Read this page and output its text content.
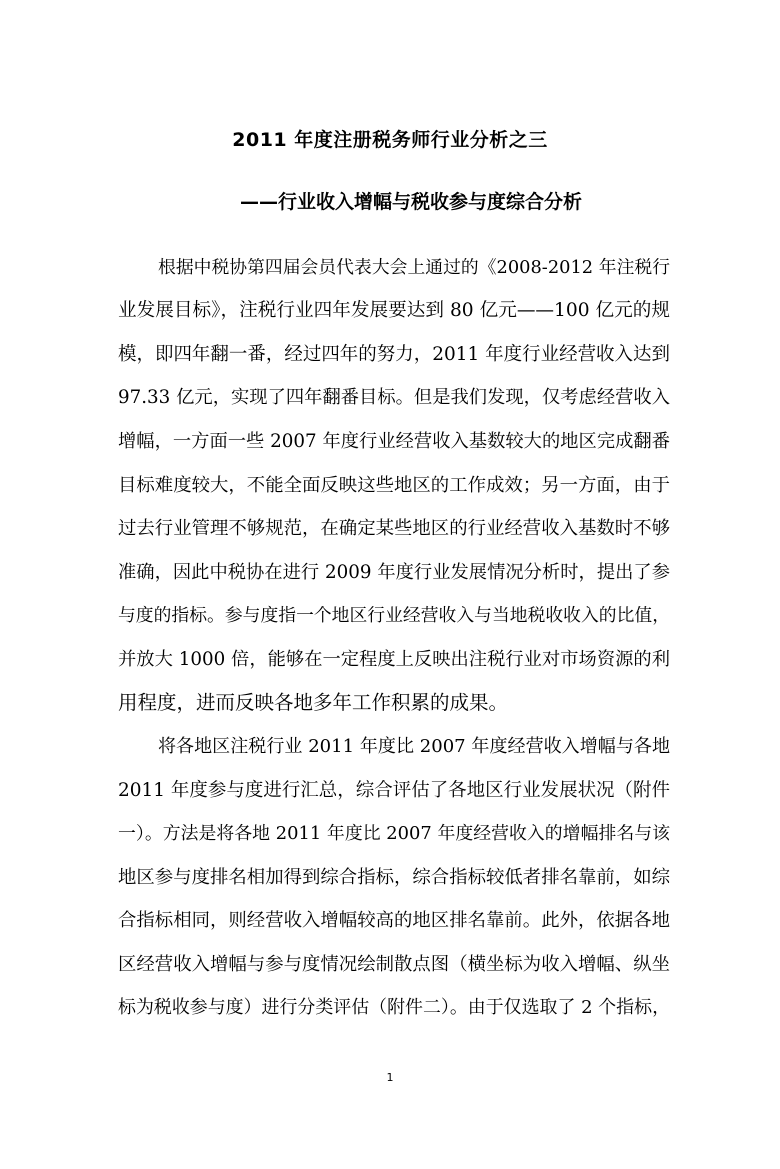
2011 年度注册税务师行业分析之三
——行业收入增幅与税收参与度综合分析
根据中税协第四届会员代表大会上通过的《2008-2012 年注税行
业发展目标》，注税行业四年发展要达到 80 亿元——100 亿元的规
模，即四年翻一番，经过四年的努力，2011 年度行业经营收入达到
97.33 亿元，实现了四年翻番目标。但是我们发现，仅考虑经营收入
增幅，一方面一些 2007 年度行业经营收入基数较大的地区完成翻番
目标难度较大，不能全面反映这些地区的工作成效；另一方面，由于
过去行业管理不够规范，在确定某些地区的行业经营收入基数时不够
准确，因此中税协在进行 2009 年度行业发展情况分析时，提出了参
与度的指标。参与度指一个地区行业经营收入与当地税收收入的比值，
并放大 1000 倍，能够在一定程度上反映出注税行业对市场资源的利
用程度，进而反映各地多年工作积累的成果。
将各地区注税行业 2011 年度比 2007 年度经营收入增幅与各地
2011 年度参与度进行汇总，综合评估了各地区行业发展状况（附件
一）。方法是将各地 2011 年度比 2007 年度经营收入的增幅排名与该
地区参与度排名相加得到综合指标，综合指标较低者排名靠前，如综
合指标相同，则经营收入增幅较高的地区排名靠前。此外，依据各地
区经营收入增幅与参与度情况绘制散点图（横坐标为收入增幅、纵坐
标为税收参与度）进行分类评估（附件二）。由于仅选取了 2 个指标，
1
